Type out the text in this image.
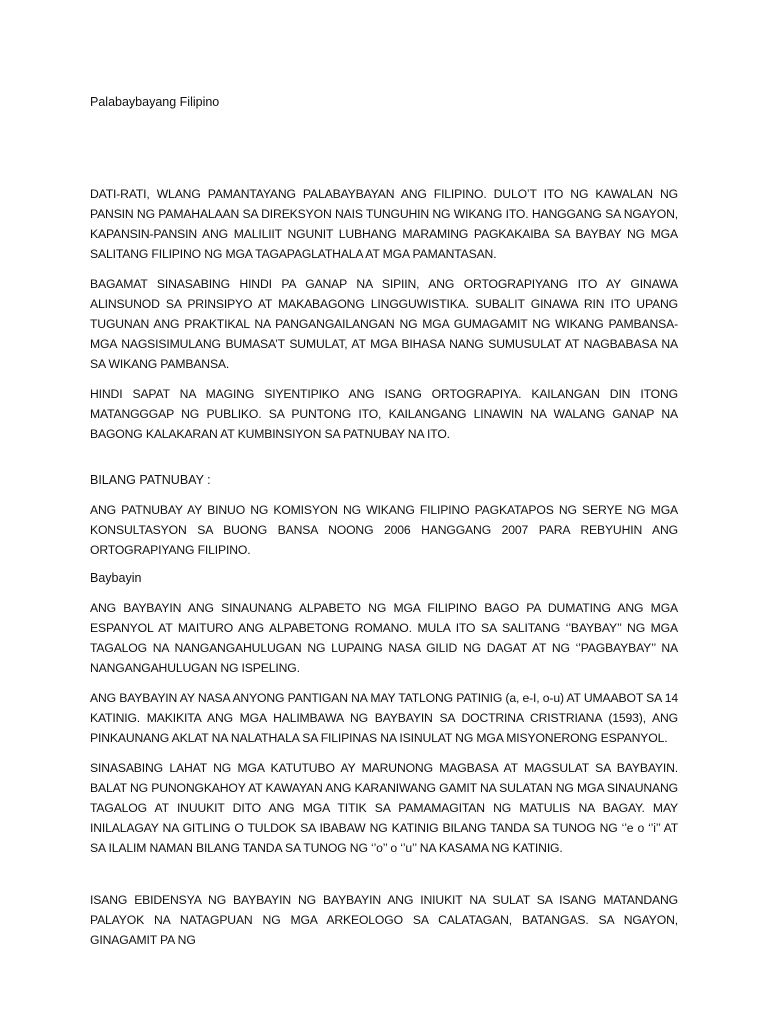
Palabaybayang Filipino

DATI-RATI, WLANG PAMANTAYANG PALABAYBAYAN ANG FILIPINO. DULO’T ITO NG KAWALAN NG PANSIN NG PAMAHALAAN SA DIREKSYON NAIS TUNGUHIN NG WIKANG ITO. HANGGANG SA NGAYON, KAPANSIN-PANSIN ANG MALILIIT NGUNIT LUBHANG MARAMING PAGKAKAIBA SA BAYBAY NG MGA SALITANG FILIPINO NG MGA TAGAPAGLATHALA AT MGA PAMANTASAN.

BAGAMAT SINASABING HINDI PA GANAP NA SIPIIN, ANG ORTOGRAPIYANG ITO AY GINAWA ALINSUNOD SA PRINSIPYO AT MAKABAGONG LINGGUWISTIKA. SUBALIT GINAWA RIN ITO UPANG TUGUNAN ANG PRAKTIKAL NA PANGANGAILANGAN NG MGA GUMAGAMIT NG WIKANG PAMBANSA- MGA NAGSISIMULANG BUMASA’T SUMULAT, AT MGA BIHASA NANG SUMUSULAT AT NAGBABASA NA SA WIKANG PAMBANSA.

HINDI SAPAT NA MAGING SIYENTIPIKO ANG ISANG ORTOGRAPIYA. KAILANGAN DIN ITONG MATANGGGAP NG PUBLIKO. SA PUNTONG ITO, KAILANGANG LINAWIN NA WALANG GANAP NA BAGONG KALAKARAN AT KUMBINSIYON SA PATNUBAY NA ITO.

BILANG PATNUBAY :

ANG PATNUBAY AY BINUO NG KOMISYON NG WIKANG FILIPINO PAGKATAPOS NG SERYE NG MGA KONSULTASYON SA BUONG BANSA NOONG 2006 HANGGANG 2007 PARA REBYUHIN ANG ORTOGRAPIYANG FILIPINO.

Baybayin

ANG BAYBAYIN ANG SINAUNANG ALPABETO NG MGA FILIPINO BAGO PA DUMATING ANG MGA ESPANYOL AT MAITURO ANG ALPABETONG ROMANO. MULA ITO SA SALITANG ‘’BAYBAY’’ NG MGA TAGALOG NA NANGANGAHULUGAN NG LUPAING NASA GILID NG DAGAT AT NG ‘’PAGBAYBAY’’ NA NANGANGAHULUGAN NG ISPELING.

ANG BAYBAYIN AY NASA ANYONG PANTIGAN NA MAY TATLONG PATINIG (a, e-I, o-u) AT UMAABOT SA 14 KATINIG. MAKIKITA ANG MGA HALIMBAWA NG BAYBAYIN SA DOCTRINA CRISTRIANA (1593), ANG PINKAUNANG AKLAT NA NALATHALA SA FILIPINAS NA ISINULAT NG MGA MISYONERONG ESPANYOL.

SINASABING LAHAT NG MGA KATUTUBO AY MARUNONG MAGBASA AT MAGSULAT SA BAYBAYIN. BALAT NG PUNONGKAHOY AT KAWAYAN ANG KARANIWANG GAMIT NA SULATAN NG MGA SINAUNANG TAGALOG AT INUUKIT DITO ANG MGA TITIK SA PAMAMAGITAN NG MATULIS NA BAGAY. MAY INILALAGAY NA GITLING O TULDOK SA IBABAW NG KATINIG BILANG TANDA SA TUNOG NG ‘’e o ‘’i’’ AT SA ILALIM NAMAN BILANG TANDA SA TUNOG NG ‘’o’’ o ‘’u’’ NA KASAMA NG KATINIG.

ISANG EBIDENSYA NG BAYBAYIN NG BAYBAYIN ANG INIUKIT NA SULAT SA ISANG MATANDANG PALAYOK NA NATAGPUAN NG MGA ARKEOLOGO SA CALATAGAN, BATANGAS. SA NGAYON, GINAGAMIT PA NG
